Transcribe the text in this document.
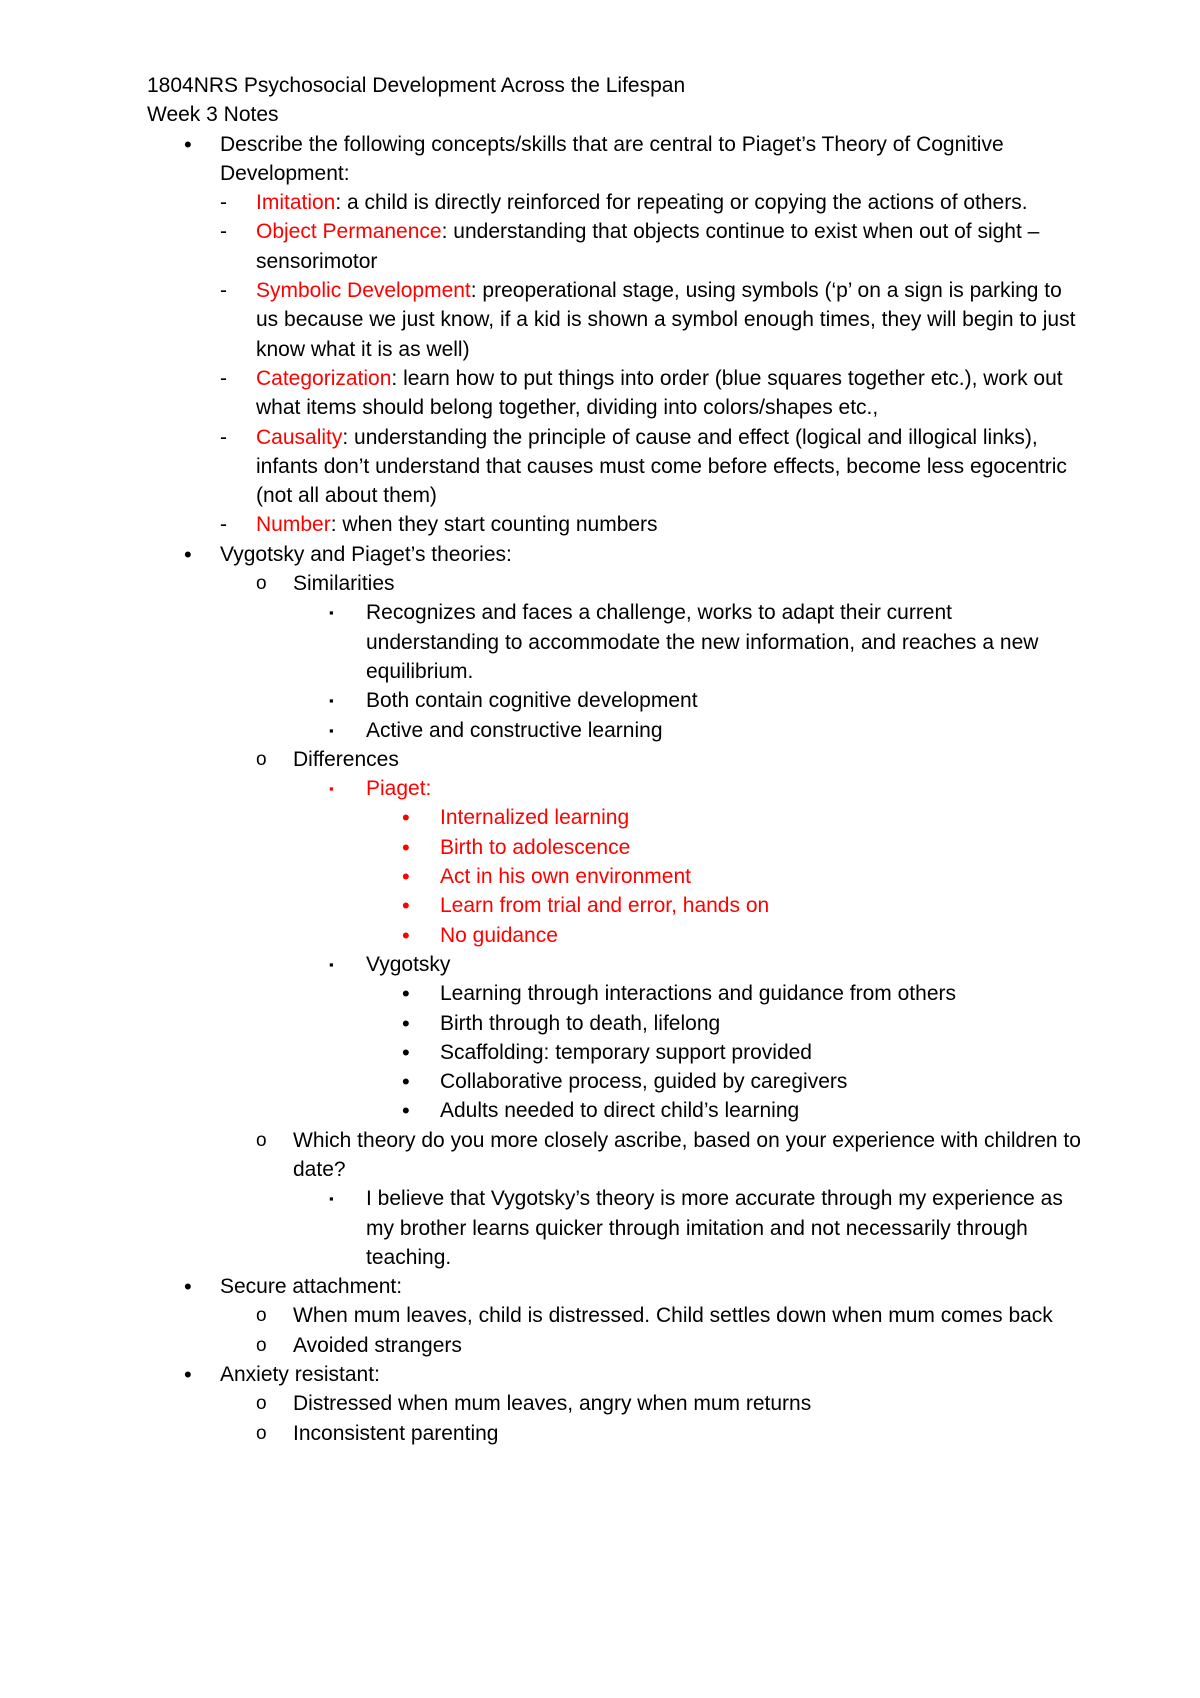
1804NRS Psychosocial Development Across the Lifespan

Week 3 Notes

•	Describe the following concepts/skills that are central to Piaget’s Theory of Cognitive Development:
-	Imitation: a child is directly reinforced for repeating or copying the actions of others.
-	Object Permanence: understanding that objects continue to exist when out of sight – sensorimotor
-	Symbolic Development: preoperational stage, using symbols (‘p’ on a sign is parking to us because we just know, if a kid is shown a symbol enough times, they will begin to just know what it is as well)
-	Categorization: learn how to put things into order (blue squares together etc.), work out what items should belong together, dividing into colors/shapes etc.,
-	Causality: understanding the principle of cause and effect (logical and illogical links), infants don’t understand that causes must come before effects, become less egocentric (not all about them)
-	Number: when they start counting numbers
•	Vygotsky and Piaget’s theories:
o	Similarities
▪	Recognizes and faces a challenge, works to adapt their current understanding to accommodate the new information, and reaches a new equilibrium.
▪	Both contain cognitive development
▪	Active and constructive learning
o	Differences
▪	Piaget:
•	Internalized learning
•	Birth to adolescence
•	Act in his own environment
•	Learn from trial and error, hands on
•	No guidance
▪	Vygotsky
•	Learning through interactions and guidance from others
•	Birth through to death, lifelong
•	Scaffolding: temporary support provided
•	Collaborative process, guided by caregivers
•	Adults needed to direct child’s learning
o	Which theory do you more closely ascribe, based on your experience with children to date?
▪	I believe that Vygotsky’s theory is more accurate through my experience as my brother learns quicker through imitation and not necessarily through teaching.
•	Secure attachment:
o	When mum leaves, child is distressed. Child settles down when mum comes back
o	Avoided strangers
•	Anxiety resistant:
o	Distressed when mum leaves, angry when mum returns
o	Inconsistent parenting
